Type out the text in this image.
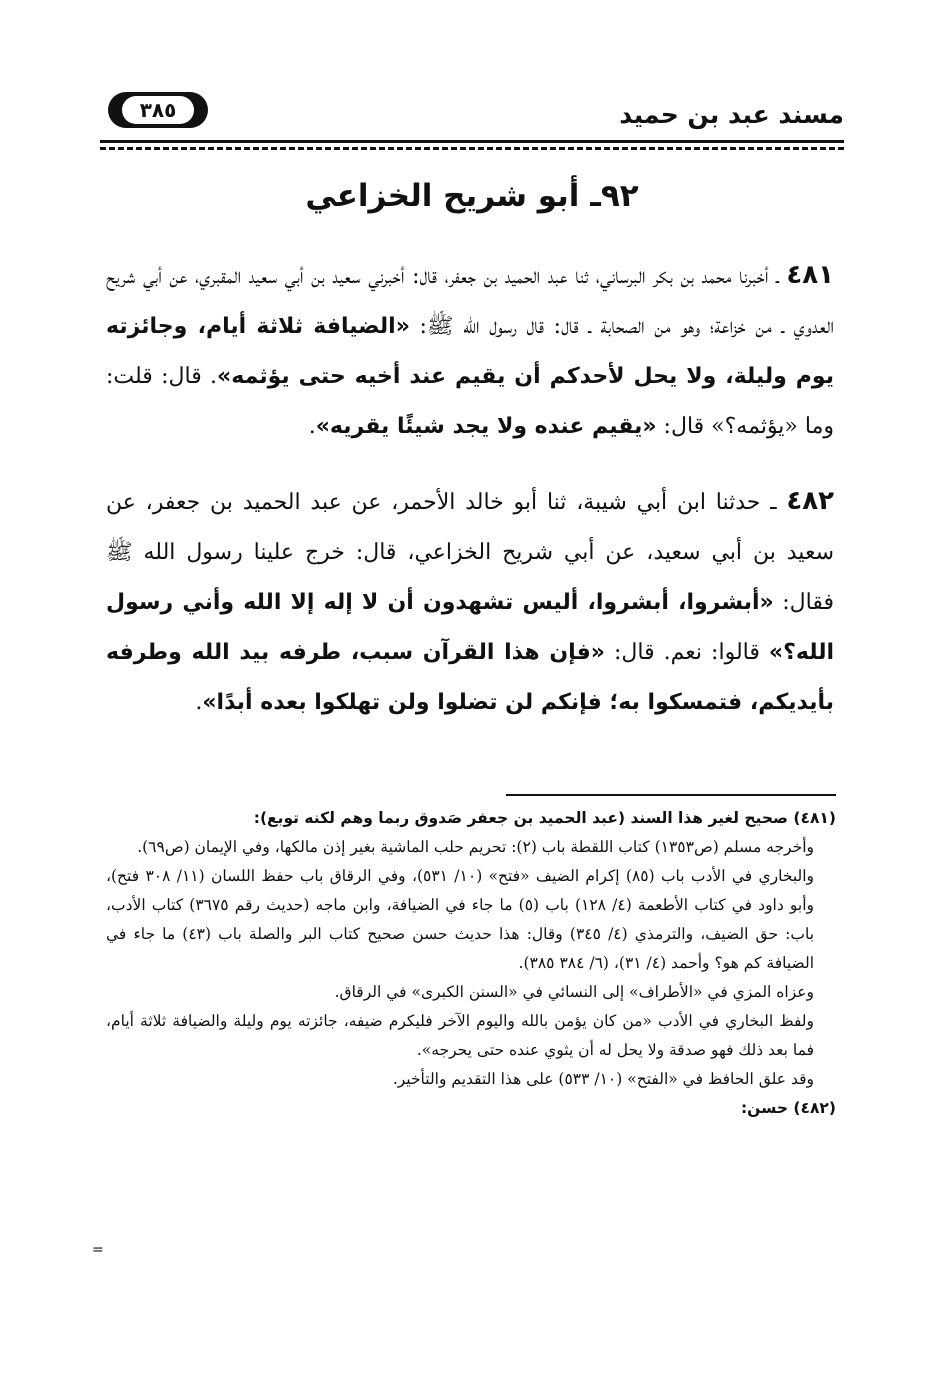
مسند عبد بن حميد
٣٨٥
٩٢ـ أبو شريح الخزاعي

٤٨١ ـ أخبرنا محمد بن بكر البرساني، ثنا عبد الحميد بن جعفر، قال: أخبرني سعيد بن أبي سعيد المقبري، عن أبي شريح العدوي ـ من خزاعة؛ وهو من الصحابة ـ قال: قال رسول الله ﷺ: «الضيافة ثلاثة أيام، وجائزته يوم وليلة، ولا يحل لأحدكم أن يقيم عند أخيه حتى يؤثمه». قال: قلت: وما «يؤثمه؟» قال: «يقيم عنده ولا يجد شيئًا يقريه».

٤٨٢ ـ حدثنا ابن أبي شيبة، ثنا أبو خالد الأحمر، عن عبد الحميد بن جعفر، عن سعيد بن أبي سعيد، عن أبي شريح الخزاعي، قال: خرج علينا رسول الله ﷺ فقال: «أبشروا، أبشروا، أليس تشهدون أن لا إله إلا الله وأني رسول الله؟» قالوا: نعم. قال: «فإن هذا القرآن سبب، طرفه بيد الله وطرفه بأيديكم، فتمسكوا به؛ فإنكم لن تضلوا ولن تهلكوا بعده أبدًا».

(٤٨١) صحيح لغير هذا السند (عبد الحميد بن جعفر صَدوق ربما وهم لكنه توبع):

وأخرجه مسلم (ص١٣٥٣) كتاب اللقطة باب (٢): تحريم حلب الماشية بغير إذن مالكها، وفي الإيمان (ص٦٩).

والبخاري في الأدب باب (٨٥) إكرام الضيف «فتح» (١٠/ ٥٣١)، وفي الرقاق باب حفظ اللسان (١١/ ٣٠٨ فتح)، وأبو داود في كتاب الأطعمة (٤/ ١٢٨) باب (٥) ما جاء في الضيافة، وابن ماجه (حديث رقم ٣٦٧٥) كتاب الأدب، باب: حق الضيف، والترمذي (٤/ ٣٤٥) وقال: هذا حديث حسن صحيح كتاب البر والصلة باب (٤٣) ما جاء في الضيافة كم هو؟ وأحمد (٤/ ٣١)، (٦/ ٣٨٤ ٣٨٥).

وعزاه المزي في «الأطراف» إلى النسائي في «السنن الكبرى» في الرقاق.

ولفظ البخاري في الأدب «من كان يؤمن بالله واليوم الآخر فليكرم ضيفه، جائزته يوم وليلة والضيافة ثلاثة أيام، فما بعد ذلك فهو صدقة ولا يحل له أن يثوي عنده حتى يحرجه».

وقد علق الحافظ في «الفتح» (١٠/ ٥٣٣) على هذا التقديم والتأخير.

(٤٨٢) حسن:

=
